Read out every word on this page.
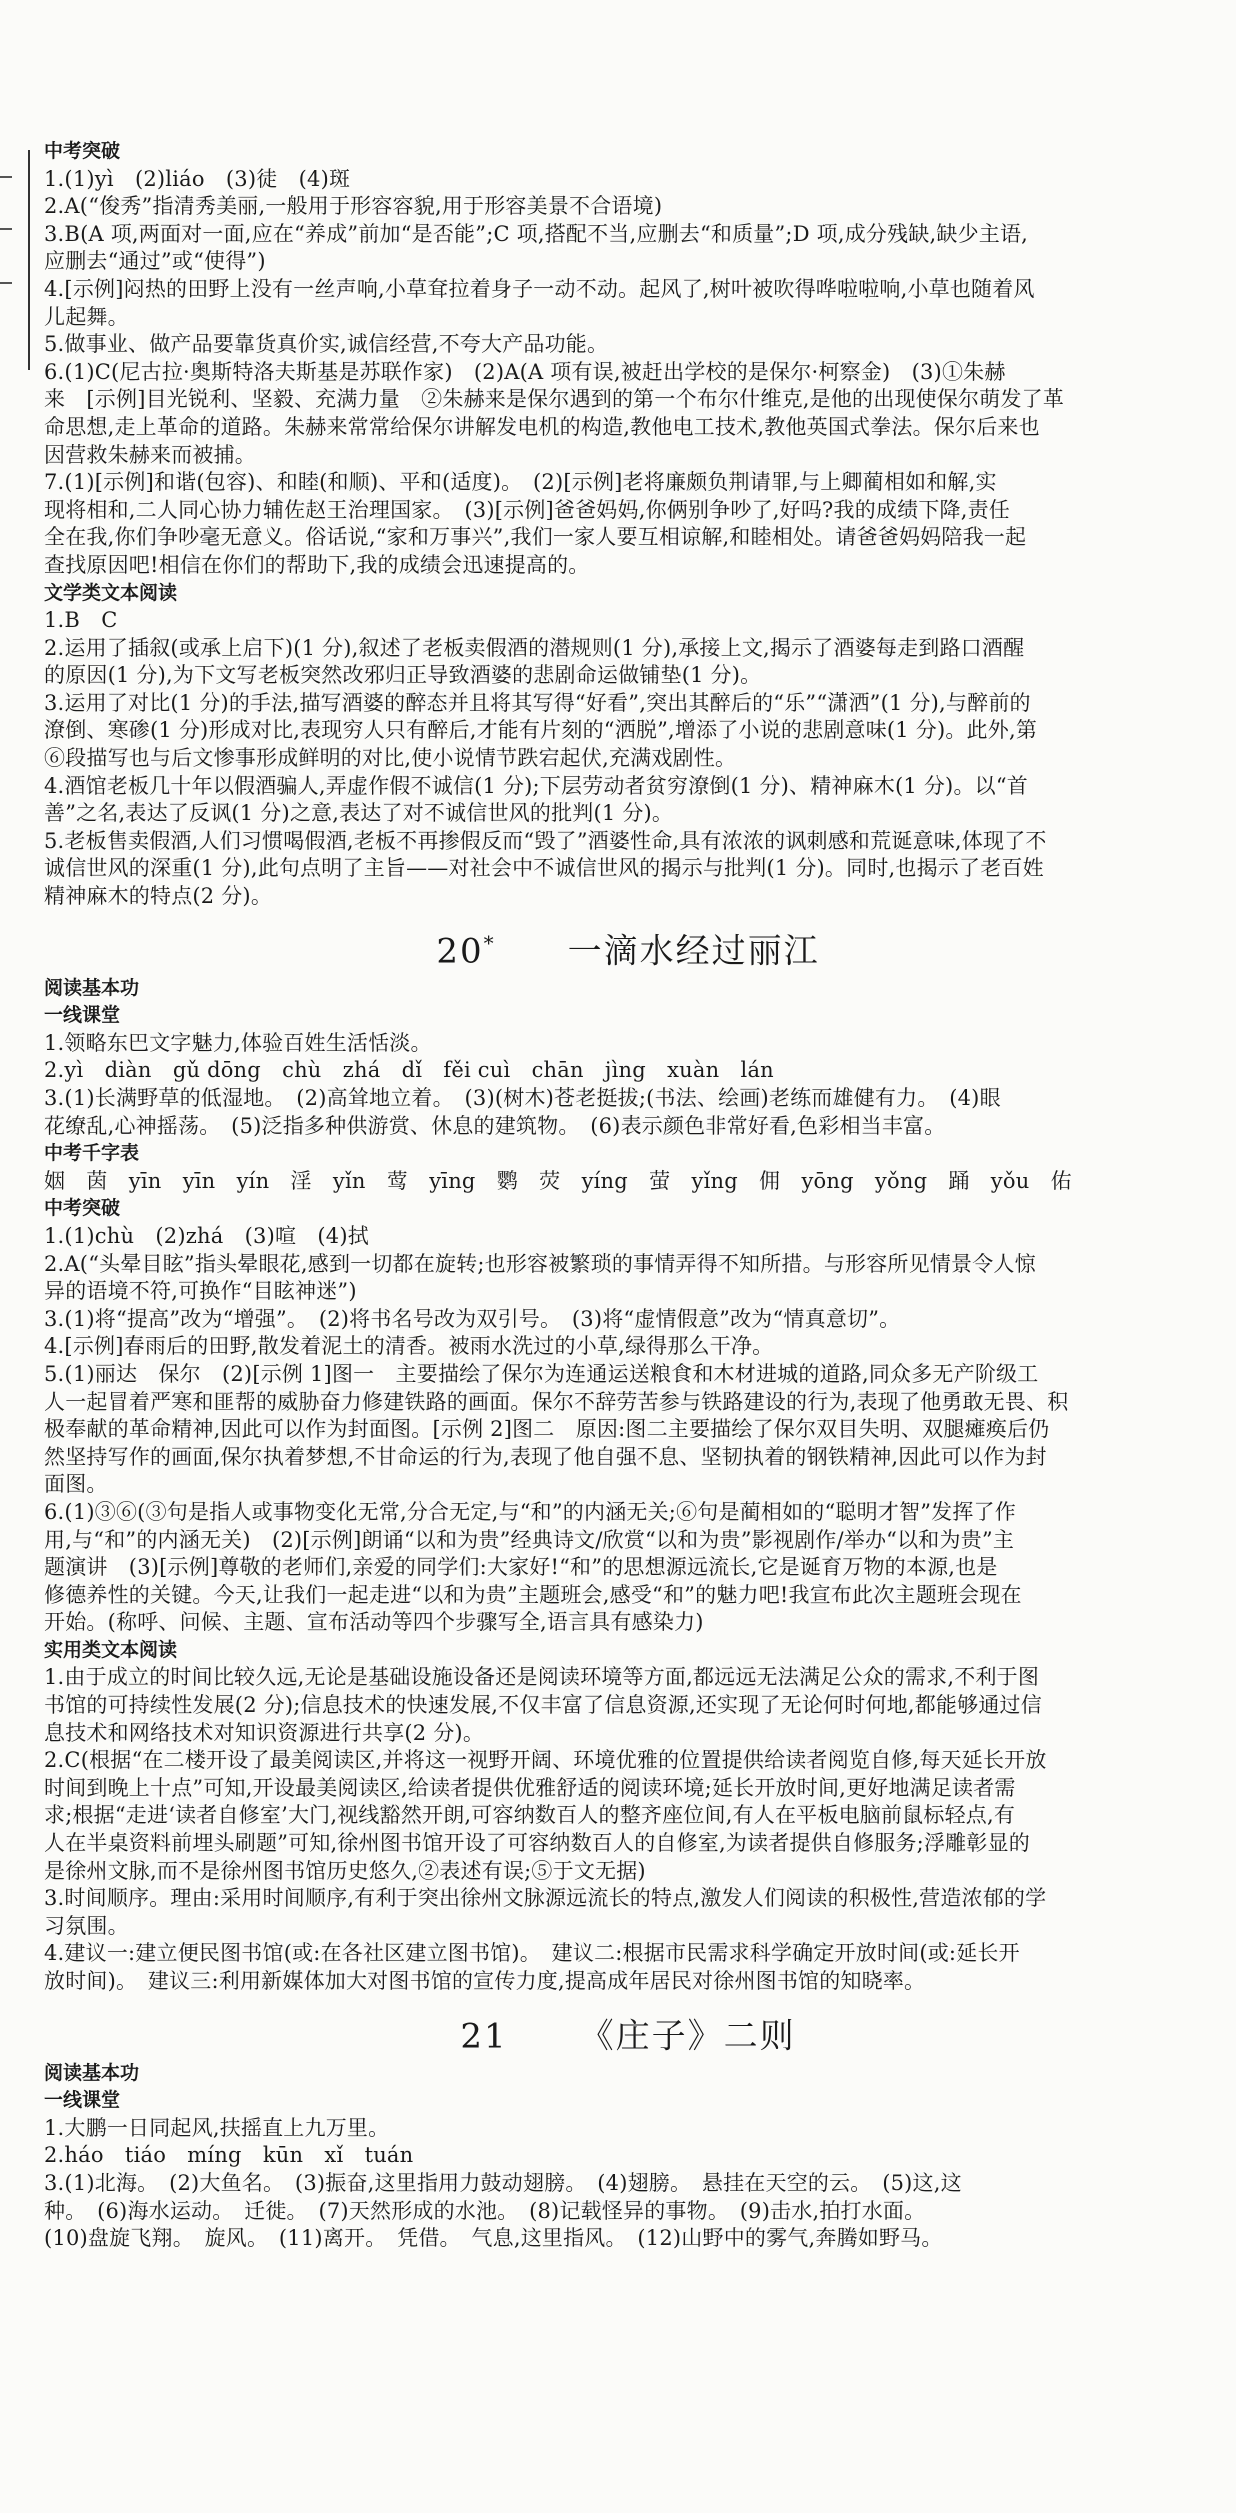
中考突破
1.(1)yì　(2)liáo　(3)徒　(4)斑
2.A(“俊秀”指清秀美丽,一般用于形容容貌,用于形容美景不合语境)
3.B(A 项,两面对一面,应在“养成”前加“是否能”;C 项,搭配不当,应删去“和质量”;D 项,成分残缺,缺少主语,
应删去“通过”或“使得”)
4.[示例]闷热的田野上没有一丝声响,小草耷拉着身子一动不动。起风了,树叶被吹得哗啦啦响,小草也随着风
儿起舞。
5.做事业、做产品要靠货真价实,诚信经营,不夸大产品功能。
6.(1)C(尼古拉·奥斯特洛夫斯基是苏联作家)　(2)A(A 项有误,被赶出学校的是保尔·柯察金)　(3)①朱赫
来　[示例]目光锐利、坚毅、充满力量　②朱赫来是保尔遇到的第一个布尔什维克,是他的出现使保尔萌发了革
命思想,走上革命的道路。朱赫来常常给保尔讲解发电机的构造,教他电工技术,教他英国式拳法。保尔后来也
因营救朱赫来而被捕。
7.(1)[示例]和谐(包容)、和睦(和顺)、平和(适度)。　(2)[示例]老将廉颇负荆请罪,与上卿蔺相如和解,实
现将相和,二人同心协力辅佐赵王治理国家。　(3)[示例]爸爸妈妈,你俩别争吵了,好吗?我的成绩下降,责任
全在我,你们争吵毫无意义。俗话说,“家和万事兴”,我们一家人要互相谅解,和睦相处。请爸爸妈妈陪我一起
查找原因吧!相信在你们的帮助下,我的成绩会迅速提高的。
文学类文本阅读
1.B　C
2.运用了插叙(或承上启下)(1 分),叙述了老板卖假酒的潜规则(1 分),承接上文,揭示了酒婆每走到路口酒醒
的原因(1 分),为下文写老板突然改邪归正导致酒婆的悲剧命运做铺垫(1 分)。
3.运用了对比(1 分)的手法,描写酒婆的醉态并且将其写得“好看”,突出其醉后的“乐”“潇洒”(1 分),与醉前的
潦倒、寒碜(1 分)形成对比,表现穷人只有醉后,才能有片刻的“洒脱”,增添了小说的悲剧意味(1 分)。此外,第
⑥段描写也与后文惨事形成鲜明的对比,使小说情节跌宕起伏,充满戏剧性。
4.酒馆老板几十年以假酒骗人,弄虚作假不诚信(1 分);下层劳动者贫穷潦倒(1 分)、精神麻木(1 分)。以“首
善”之名,表达了反讽(1 分)之意,表达了对不诚信世风的批判(1 分)。
5.老板售卖假酒,人们习惯喝假酒,老板不再掺假反而“毁了”酒婆性命,具有浓浓的讽刺感和荒诞意味,体现了不
诚信世风的深重(1 分),此句点明了主旨——对社会中不诚信世风的揭示与批判(1 分)。同时,也揭示了老百姓
精神麻木的特点(2 分)。
20*   一滴水经过丽江
阅读基本功
一线课堂
1.领略东巴文字魅力,体验百姓生活恬淡。
2.yì　diàn　gǔ dōng　chù　zhá　dǐ　fěi cuì　chān　jìng　xuàn　lán
3.(1)长满野草的低湿地。　(2)高耸地立着。　(3)(树木)苍老挺拔;(书法、绘画)老练而雄健有力。　(4)眼
花缭乱,心神摇荡。　(5)泛指多种供游赏、休息的建筑物。　(6)表示颜色非常好看,色彩相当丰富。
中考千字表
姻　茵　yīn　yīn　yín　淫　yǐn　莺　yīng　鹦　荧　yíng　萤　yǐng　佣　yōng　yǒng　踊　yǒu　佑
中考突破
1.(1)chù　(2)zhá　(3)喧　(4)拭
2.A(“头晕目眩”指头晕眼花,感到一切都在旋转;也形容被繁琐的事情弄得不知所措。与形容所见情景令人惊
异的语境不符,可换作“目眩神迷”)
3.(1)将“提高”改为“增强”。　(2)将书名号改为双引号。　(3)将“虚情假意”改为“情真意切”。
4.[示例]春雨后的田野,散发着泥土的清香。被雨水洗过的小草,绿得那么干净。
5.(1)丽达　保尔　(2)[示例 1]图一　主要描绘了保尔为连通运送粮食和木材进城的道路,同众多无产阶级工
人一起冒着严寒和匪帮的威胁奋力修建铁路的画面。保尔不辞劳苦参与铁路建设的行为,表现了他勇敢无畏、积
极奉献的革命精神,因此可以作为封面图。[示例 2]图二　原因:图二主要描绘了保尔双目失明、双腿瘫痪后仍
然坚持写作的画面,保尔执着梦想,不甘命运的行为,表现了他自强不息、坚韧执着的钢铁精神,因此可以作为封
面图。
6.(1)③⑥(③句是指人或事物变化无常,分合无定,与“和”的内涵无关;⑥句是蔺相如的“聪明才智”发挥了作
用,与“和”的内涵无关)　(2)[示例]朗诵“以和为贵”经典诗文/欣赏“以和为贵”影视剧作/举办“以和为贵”主
题演讲　(3)[示例]尊敬的老师们,亲爱的同学们:大家好!“和”的思想源远流长,它是诞育万物的本源,也是
修德养性的关键。今天,让我们一起走进“以和为贵”主题班会,感受“和”的魅力吧!我宣布此次主题班会现在
开始。(称呼、问候、主题、宣布活动等四个步骤写全,语言具有感染力)
实用类文本阅读
1.由于成立的时间比较久远,无论是基础设施设备还是阅读环境等方面,都远远无法满足公众的需求,不利于图
书馆的可持续性发展(2 分);信息技术的快速发展,不仅丰富了信息资源,还实现了无论何时何地,都能够通过信
息技术和网络技术对知识资源进行共享(2 分)。
2.C(根据“在二楼开设了最美阅读区,并将这一视野开阔、环境优雅的位置提供给读者阅览自修,每天延长开放
时间到晚上十点”可知,开设最美阅读区,给读者提供优雅舒适的阅读环境;延长开放时间,更好地满足读者需
求;根据“走进‘读者自修室’大门,视线豁然开朗,可容纳数百人的整齐座位间,有人在平板电脑前鼠标轻点,有
人在半桌资料前埋头刷题”可知,徐州图书馆开设了可容纳数百人的自修室,为读者提供自修服务;浮雕彰显的
是徐州文脉,而不是徐州图书馆历史悠久,②表述有误;⑤于文无据)
3.时间顺序。理由:采用时间顺序,有利于突出徐州文脉源远流长的特点,激发人们阅读的积极性,营造浓郁的学
习氛围。
4.建议一:建立便民图书馆(或:在各社区建立图书馆)。　建议二:根据市民需求科学确定开放时间(或:延长开
放时间)。　建议三:利用新媒体加大对图书馆的宣传力度,提高成年居民对徐州图书馆的知晓率。
21   《庄子》二则
阅读基本功
一线课堂
1.大鹏一日同起风,扶摇直上九万里。
2.háo　tiáo　míng　kūn　xǐ　tuán
3.(1)北海。　(2)大鱼名。　(3)振奋,这里指用力鼓动翅膀。　(4)翅膀。　悬挂在天空的云。　(5)这,这
种。　(6)海水运动。　迁徙。　(7)天然形成的水池。　(8)记载怪异的事物。　(9)击水,拍打水面。
(10)盘旋飞翔。　旋风。　(11)离开。　凭借。　气息,这里指风。　(12)山野中的雾气,奔腾如野马。
